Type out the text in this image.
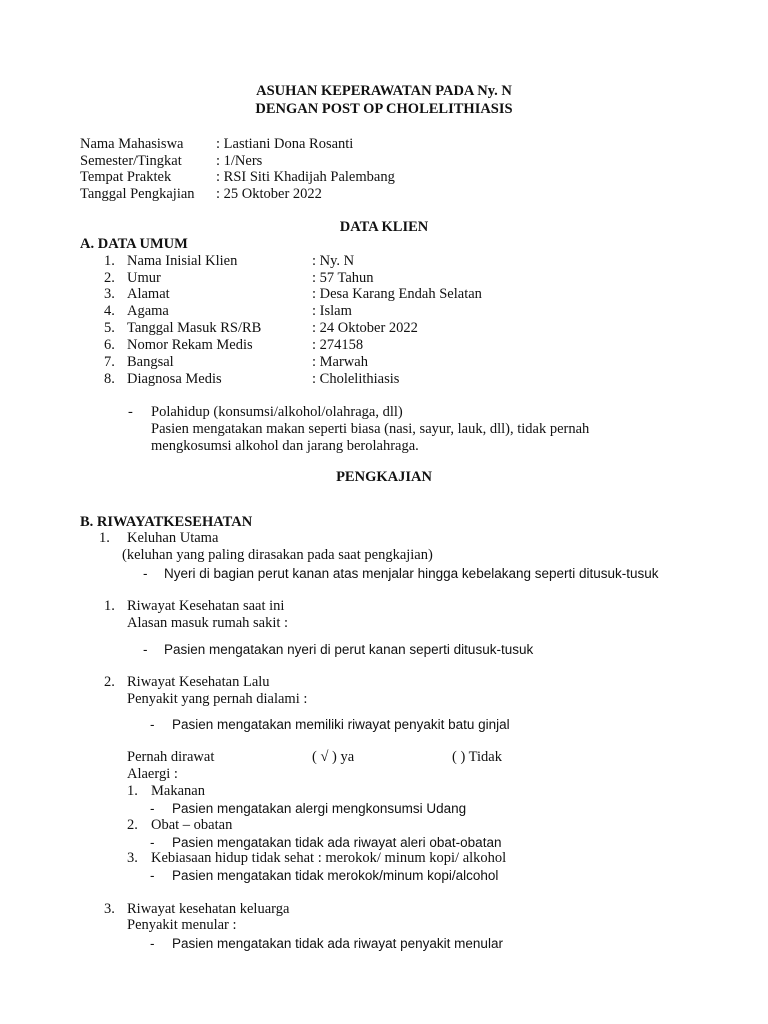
ASUHAN KEPERAWATAN PADA Ny. N
DENGAN POST OP CHOLELITHIASIS
Nama Mahasiswa : Lastiani Dona Rosanti
Semester/Tingkat : 1/Ners
Tempat Praktek	: RSI Siti Khadijah Palembang
Tanggal Pengkajian : 25 Oktober 2022
DATA KLIEN
A. DATA UMUM
1. Nama Inisial Klien	: Ny. N
2. Umur	: 57 Tahun
3. Alamat	: Desa Karang Endah Selatan
4. Agama	: Islam
5. Tanggal Masuk RS/RB	: 24 Oktober 2022
6. Nomor Rekam Medis	: 274158
7. Bangsal	: Marwah
8. Diagnosa Medis	: Cholelithiasis
- Polahidup (konsumsi/alkohol/olahraga, dll)
Pasien mengatakan makan seperti biasa (nasi, sayur, lauk, dll), tidak pernah
mengkosumsi alkohol dan jarang berolahraga.
PENGKAJIAN
B. RIWAYATKESEHATAN
1. Keluhan Utama
(keluhan yang paling dirasakan pada saat pengkajian)
- Nyeri di bagian perut kanan atas menjalar hingga kebelakang seperti ditusuk-tusuk
1. Riwayat Kesehatan saat ini
Alasan masuk rumah sakit :
- Pasien mengatakan nyeri di perut kanan seperti ditusuk-tusuk
2. Riwayat Kesehatan Lalu
Penyakit yang pernah dialami :
- Pasien mengatakan memiliki riwayat penyakit batu ginjal
Pernah dirawat	( √ ) ya	( ) Tidak
Alaergi :
1. Makanan
- Pasien mengatakan alergi mengkonsumsi Udang
2. Obat – obatan
- Pasien mengatakan tidak ada riwayat aleri obat-obatan
3. Kebiasaan hidup tidak sehat : merokok/ minum kopi/ alkohol
- Pasien mengatakan tidak merokok/minum kopi/alcohol
3. Riwayat kesehatan keluarga
Penyakit menular :
- Pasien mengatakan tidak ada riwayat penyakit menular
